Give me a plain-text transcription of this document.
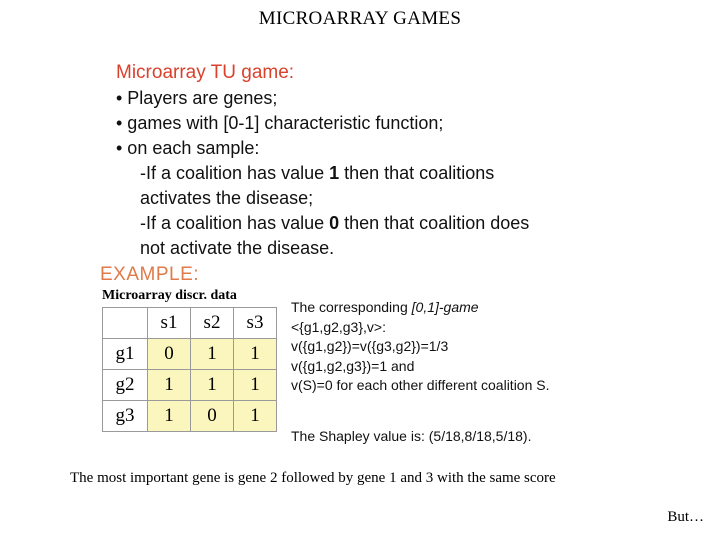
MICROARRAY GAMES
Microarray TU game:
• Players are genes;
• games with [0-1] characteristic function;
• on each sample:
-If a coalition has value 1 then that coalitions
activates the disease;
-If a coalition has value 0 then that coalition does
not activate the disease.
EXAMPLE:
Microarray discr. data
	s1	s2	s3
g1	0	1	1
g2	1	1	1
g3	1	0	1
The corresponding [0,1]-game
<{g1,g2,g3},v>:
v({g1,g2})=v({g3,g2})=1/3
v({g1,g2,g3})=1 and
v(S)=0 for each other different coalition S.
The Shapley value is: (5/18,8/18,5/18).
The most important gene is gene 2 followed by gene 1 and 3 with the same score
But…
